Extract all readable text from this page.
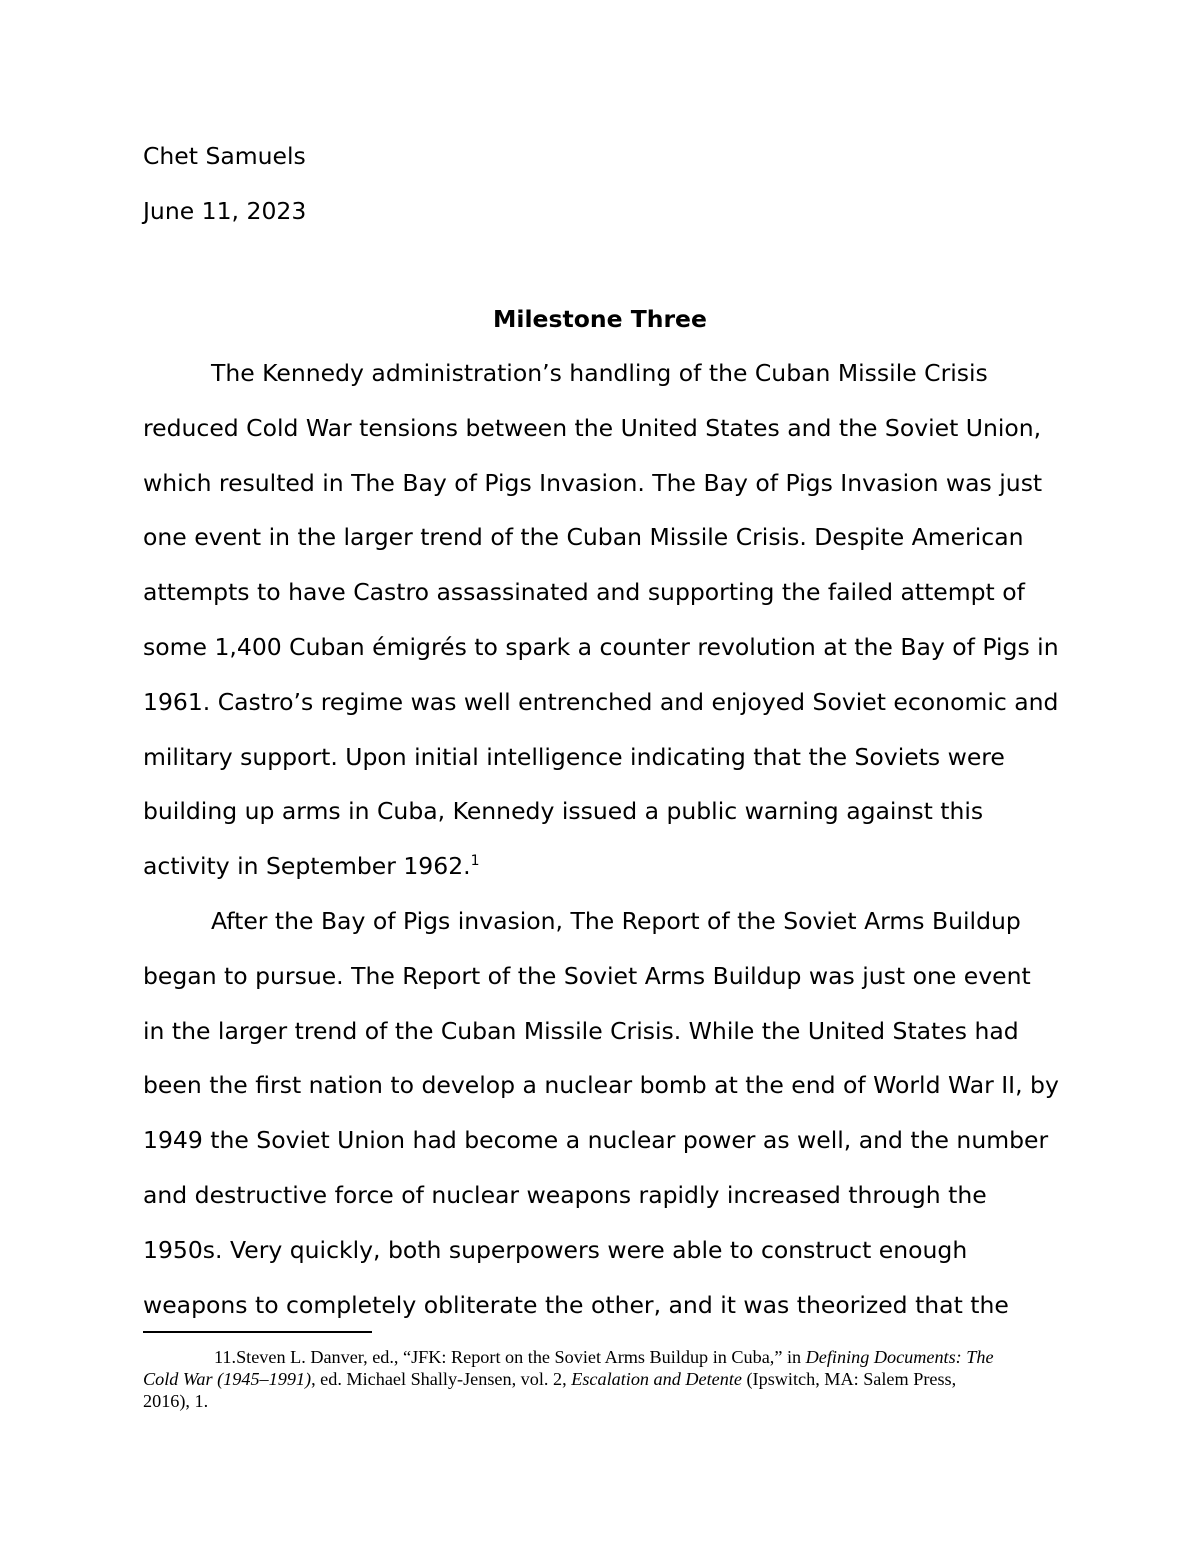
Chet Samuels
June 11, 2023
Milestone Three
The Kennedy administration’s handling of the Cuban Missile Crisis
reduced Cold War tensions between the United States and the Soviet Union,
which resulted in The Bay of Pigs Invasion. The Bay of Pigs Invasion was just
one event in the larger trend of the Cuban Missile Crisis. Despite American
attempts to have Castro assassinated and supporting the failed attempt of
some 1,400 Cuban émigrés to spark a counter revolution at the Bay of Pigs in
1961. Castro’s regime was well entrenched and enjoyed Soviet economic and
military support. Upon initial intelligence indicating that the Soviets were
building up arms in Cuba, Kennedy issued a public warning against this
activity in September 1962.$^1$
After the Bay of Pigs invasion, The Report of the Soviet Arms Buildup
began to pursue. The Report of the Soviet Arms Buildup was just one event
in the larger trend of the Cuban Missile Crisis. While the United States had
been the first nation to develop a nuclear bomb at the end of World War II, by
1949 the Soviet Union had become a nuclear power as well, and the number
and destructive force of nuclear weapons rapidly increased through the
1950s. Very quickly, both superpowers were able to construct enough
weapons to completely obliterate the other, and it was theorized that the
11.Steven L. Danver, ed., “JFK: Report on the Soviet Arms Buildup in Cuba,” in Defining Documents: The
Cold War (1945–1991), ed. Michael Shally-Jensen, vol. 2, Escalation and Detente (Ipswitch, MA: Salem Press,
2016), 1.
